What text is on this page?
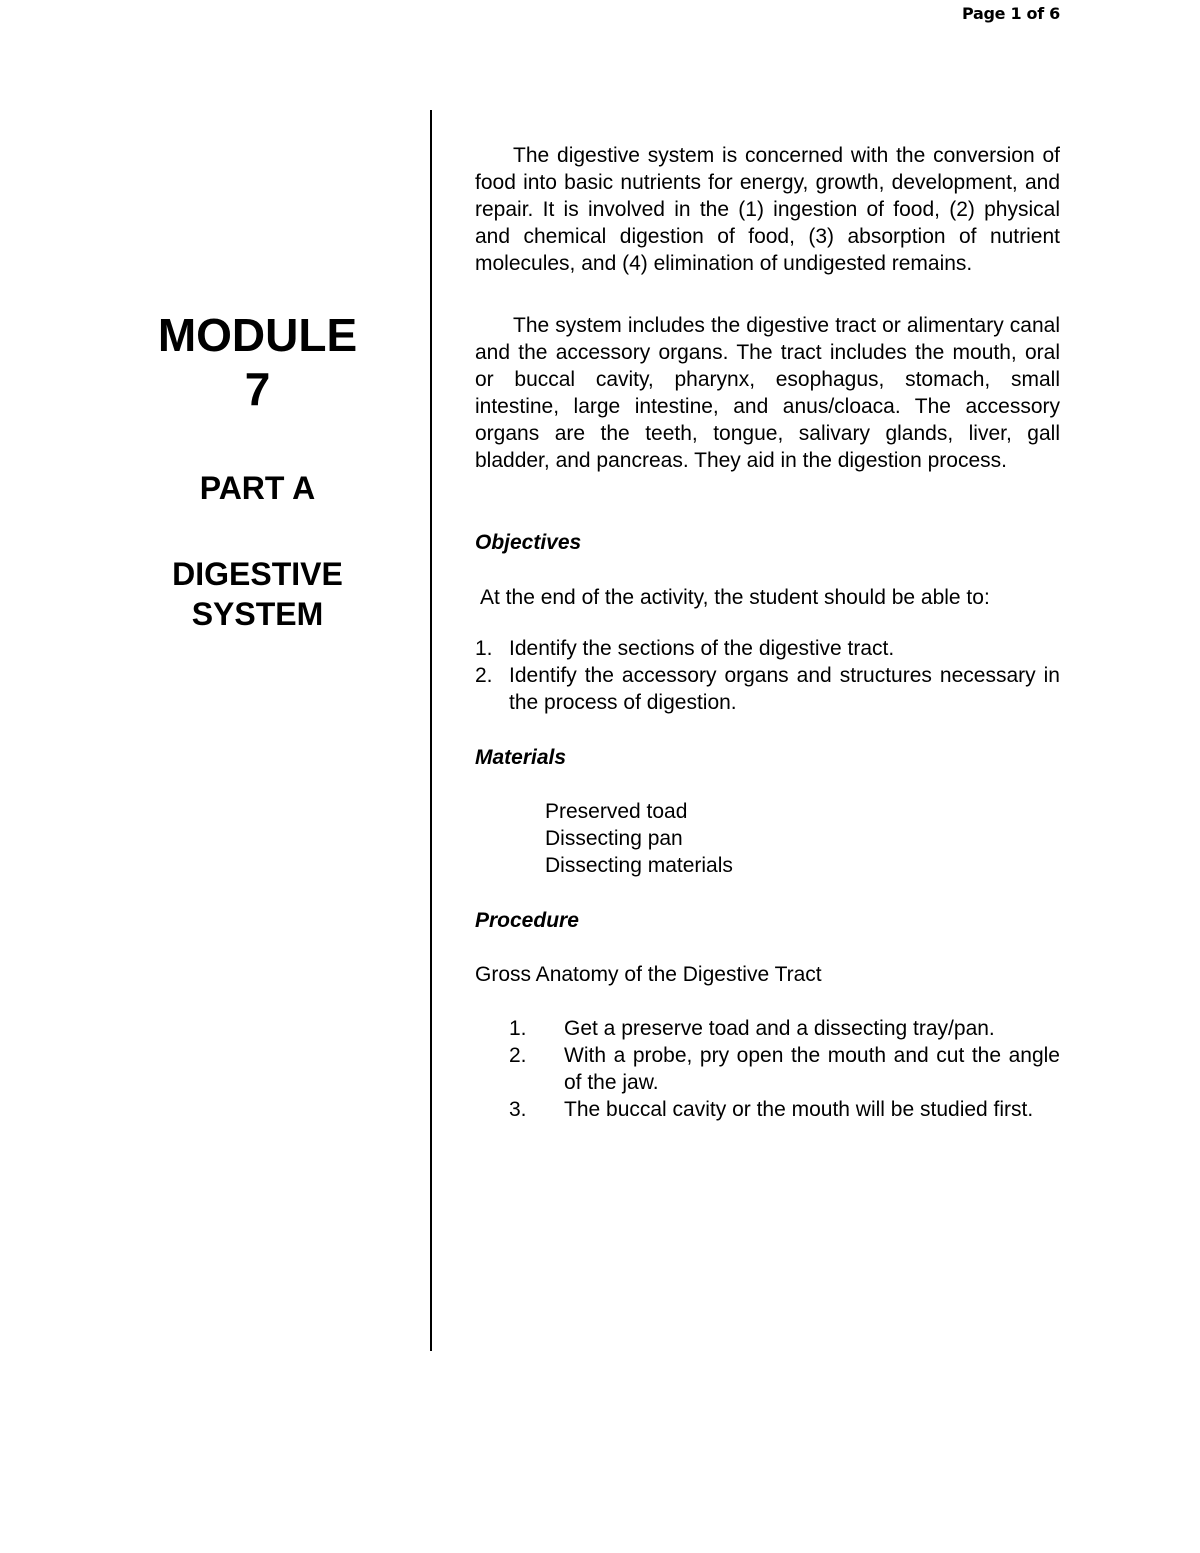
Page 1 of 6
MODULE
7
PART A
DIGESTIVE
SYSTEM

The digestive system is concerned with the conversion of food into basic nutrients for energy, growth, development, and repair. It is involved in the (1) ingestion of food, (2) physical and chemical digestion of food, (3) absorption of nutrient molecules, and (4) elimination of undigested remains.

The system includes the digestive tract or alimentary canal and the accessory organs. The tract includes the mouth, oral or buccal cavity, pharynx, esophagus, stomach, small intestine, large intestine, and anus/cloaca. The accessory organs are the teeth, tongue, salivary glands, liver, gall bladder, and pancreas. They aid in the digestion process.

Objectives

At the end of the activity, the student should be able to:

1. Identify the sections of the digestive tract.
2. Identify the accessory organs and structures necessary in the process of digestion.

Materials

Preserved toad
Dissecting pan
Dissecting materials

Procedure

Gross Anatomy of the Digestive Tract

1. Get a preserve toad and a dissecting tray/pan.
2. With a probe, pry open the mouth and cut the angle of the jaw.
3. The buccal cavity or the mouth will be studied first.
